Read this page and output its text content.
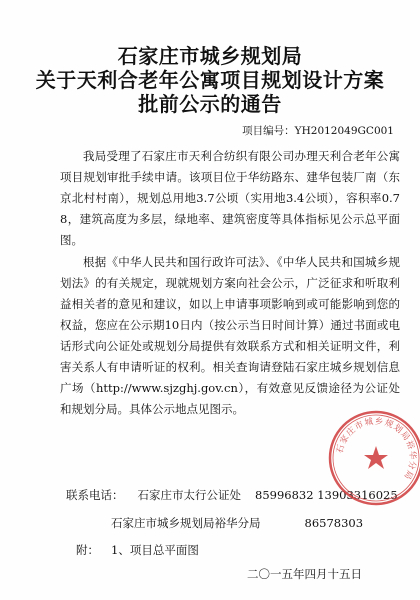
石家庄市城乡规划局
关于天利合老年公寓项目规划设计方案
批前公示的通告
项目编号：YH2012049GC001

我局受理了石家庄市天利合纺织有限公司办理天利合老年公寓项目规划审批手续申请。该项目位于华纺路东、建华包装厂南（东京北村村南），规划总用地3.7公顷（实用地3.4公顷），容积率0.78，建筑高度为多层，绿地率、建筑密度等具体指标见公示总平面图。

根据《中华人民共和国行政许可法》、《中华人民共和国城乡规划法》的有关规定，现就规划方案向社会公示，广泛征求和听取利益相关者的意见和建议，如以上申请事项影响到或可能影响到您的权益，您应在公示期10日内（按公示当日时间计算）通过书面或电话形式向公证处或规划分局提供有效联系方式和相关证明文件，利害关系人有申请听证的权利。相关查询请登陆石家庄城乡规划信息广场（http://www.sjzghj.gov.cn），有效意见反馈途径为公证处和规划分局。具体公示地点见图示。

联系电话： 石家庄市太行公证处 85996832 13903316025
石家庄市城乡规划局裕华分局	86578303
附： 1、项目总平面图
二〇一五年四月十五日
石家庄市城乡规划局裕华分局
